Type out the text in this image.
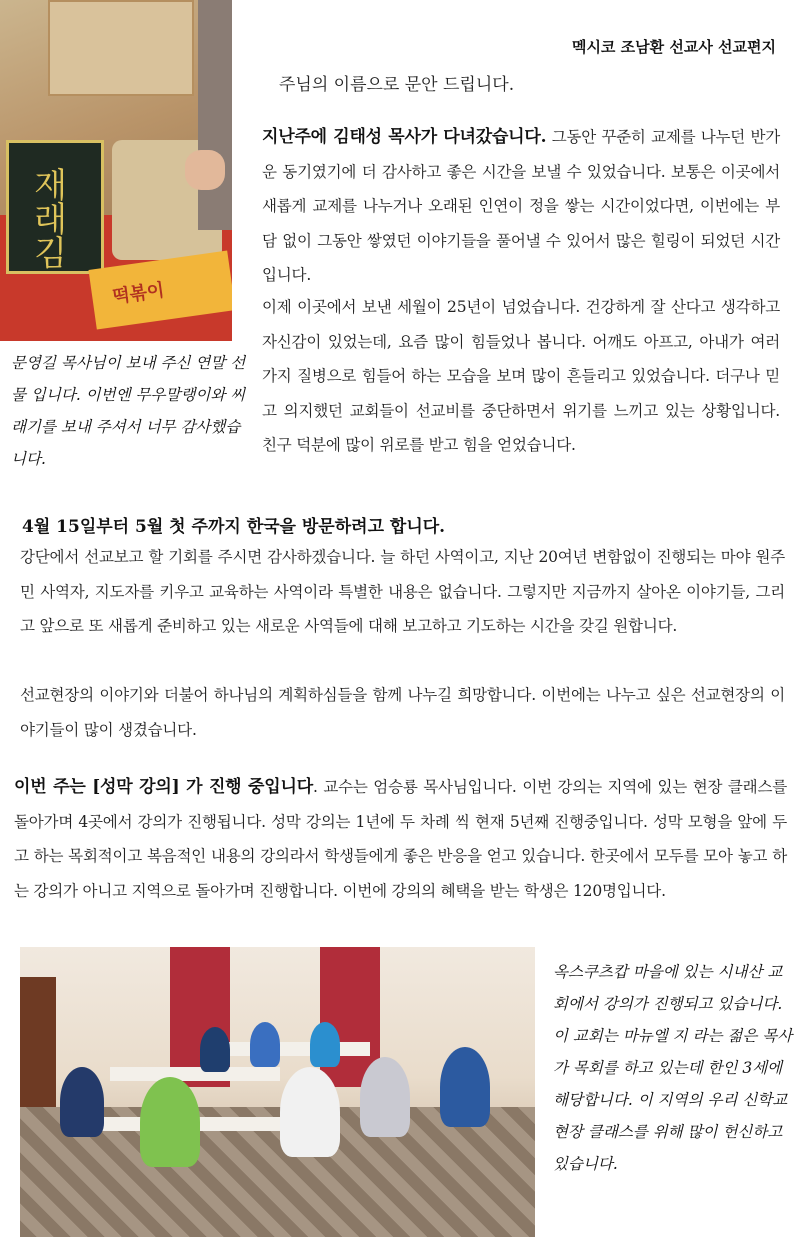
재래김
떡볶이
멕시코 조남환 선교사 선교편지

주님의 이름으로 문안 드립니다.

지난주에 김태성 목사가 다녀갔습니다. 그동안 꾸준히 교제를 나누던 반가운 동기였기에 더 감사하고 좋은 시간을 보낼 수 있었습니다. 보통은 이곳에서 새롭게 교제를 나누거나 오래된 인연이 정을 쌓는 시간이었다면, 이번에는 부담 없이 그동안 쌓였던 이야기들을 풀어낼 수 있어서 많은 힐링이 되었던 시간입니다.

이제 이곳에서 보낸 세월이 25년이 넘었습니다. 건강하게 잘 산다고 생각하고 자신감이 있었는데, 요즘 많이 힘들었나 봅니다. 어깨도 아프고, 아내가 여러 가지 질병으로 힘들어 하는 모습을 보며 많이 흔들리고 있었습니다. 더구나 믿고 의지했던 교회들이 선교비를 중단하면서 위기를 느끼고 있는 상황입니다. 친구 덕분에 많이 위로를 받고 힘을 얻었습니다.

문영길 목사님이 보내 주신 연말 선물 입니다. 이번엔 무우말랭이와 씨래기를 보내 주셔서 너무 감사했습니다.

4월 15일부터 5월 첫 주까지 한국을 방문하려고 합니다.

강단에서 선교보고 할 기회를 주시면 감사하겠습니다. 늘 하던 사역이고, 지난 20여년 변함없이 진행되는 마야 원주민 사역자, 지도자를 키우고 교육하는 사역이라 특별한 내용은 없습니다. 그렇지만 지금까지 살아온 이야기들, 그리고 앞으로 또 새롭게 준비하고 있는 새로운 사역들에 대해 보고하고 기도하는 시간을 갖길 원합니다.

선교현장의 이야기와 더불어 하나님의 계획하심들을 함께 나누길 희망합니다. 이번에는 나누고 싶은 선교현장의 이야기들이 많이 생겼습니다.

이번 주는 [성막 강의] 가 진행 중입니다. 교수는 엄승룡 목사님입니다. 이번 강의는 지역에 있는 현장 클래스를 돌아가며 4곳에서 강의가 진행됩니다. 성막 강의는 1년에 두 차례 씩 현재 5년째 진행중입니다. 성막 모형을 앞에 두고 하는 목회적이고 복음적인 내용의 강의라서 학생들에게 좋은 반응을 얻고 있습니다. 한곳에서 모두를 모아 놓고 하는 강의가 아니고 지역으로 돌아가며 진행합니다. 이번에 강의의 혜택을 받는 학생은 120명입니다.

옥스쿠츠캅 마을에 있는 시내산 교회에서 강의가 진행되고 있습니다. 이 교회는 마뉴엘 지 라는 젊은 목사가 목회를 하고 있는데 한인 3세에 해당합니다. 이 지역의 우리 신학교 현장 클래스를 위해 많이 헌신하고 있습니다.
